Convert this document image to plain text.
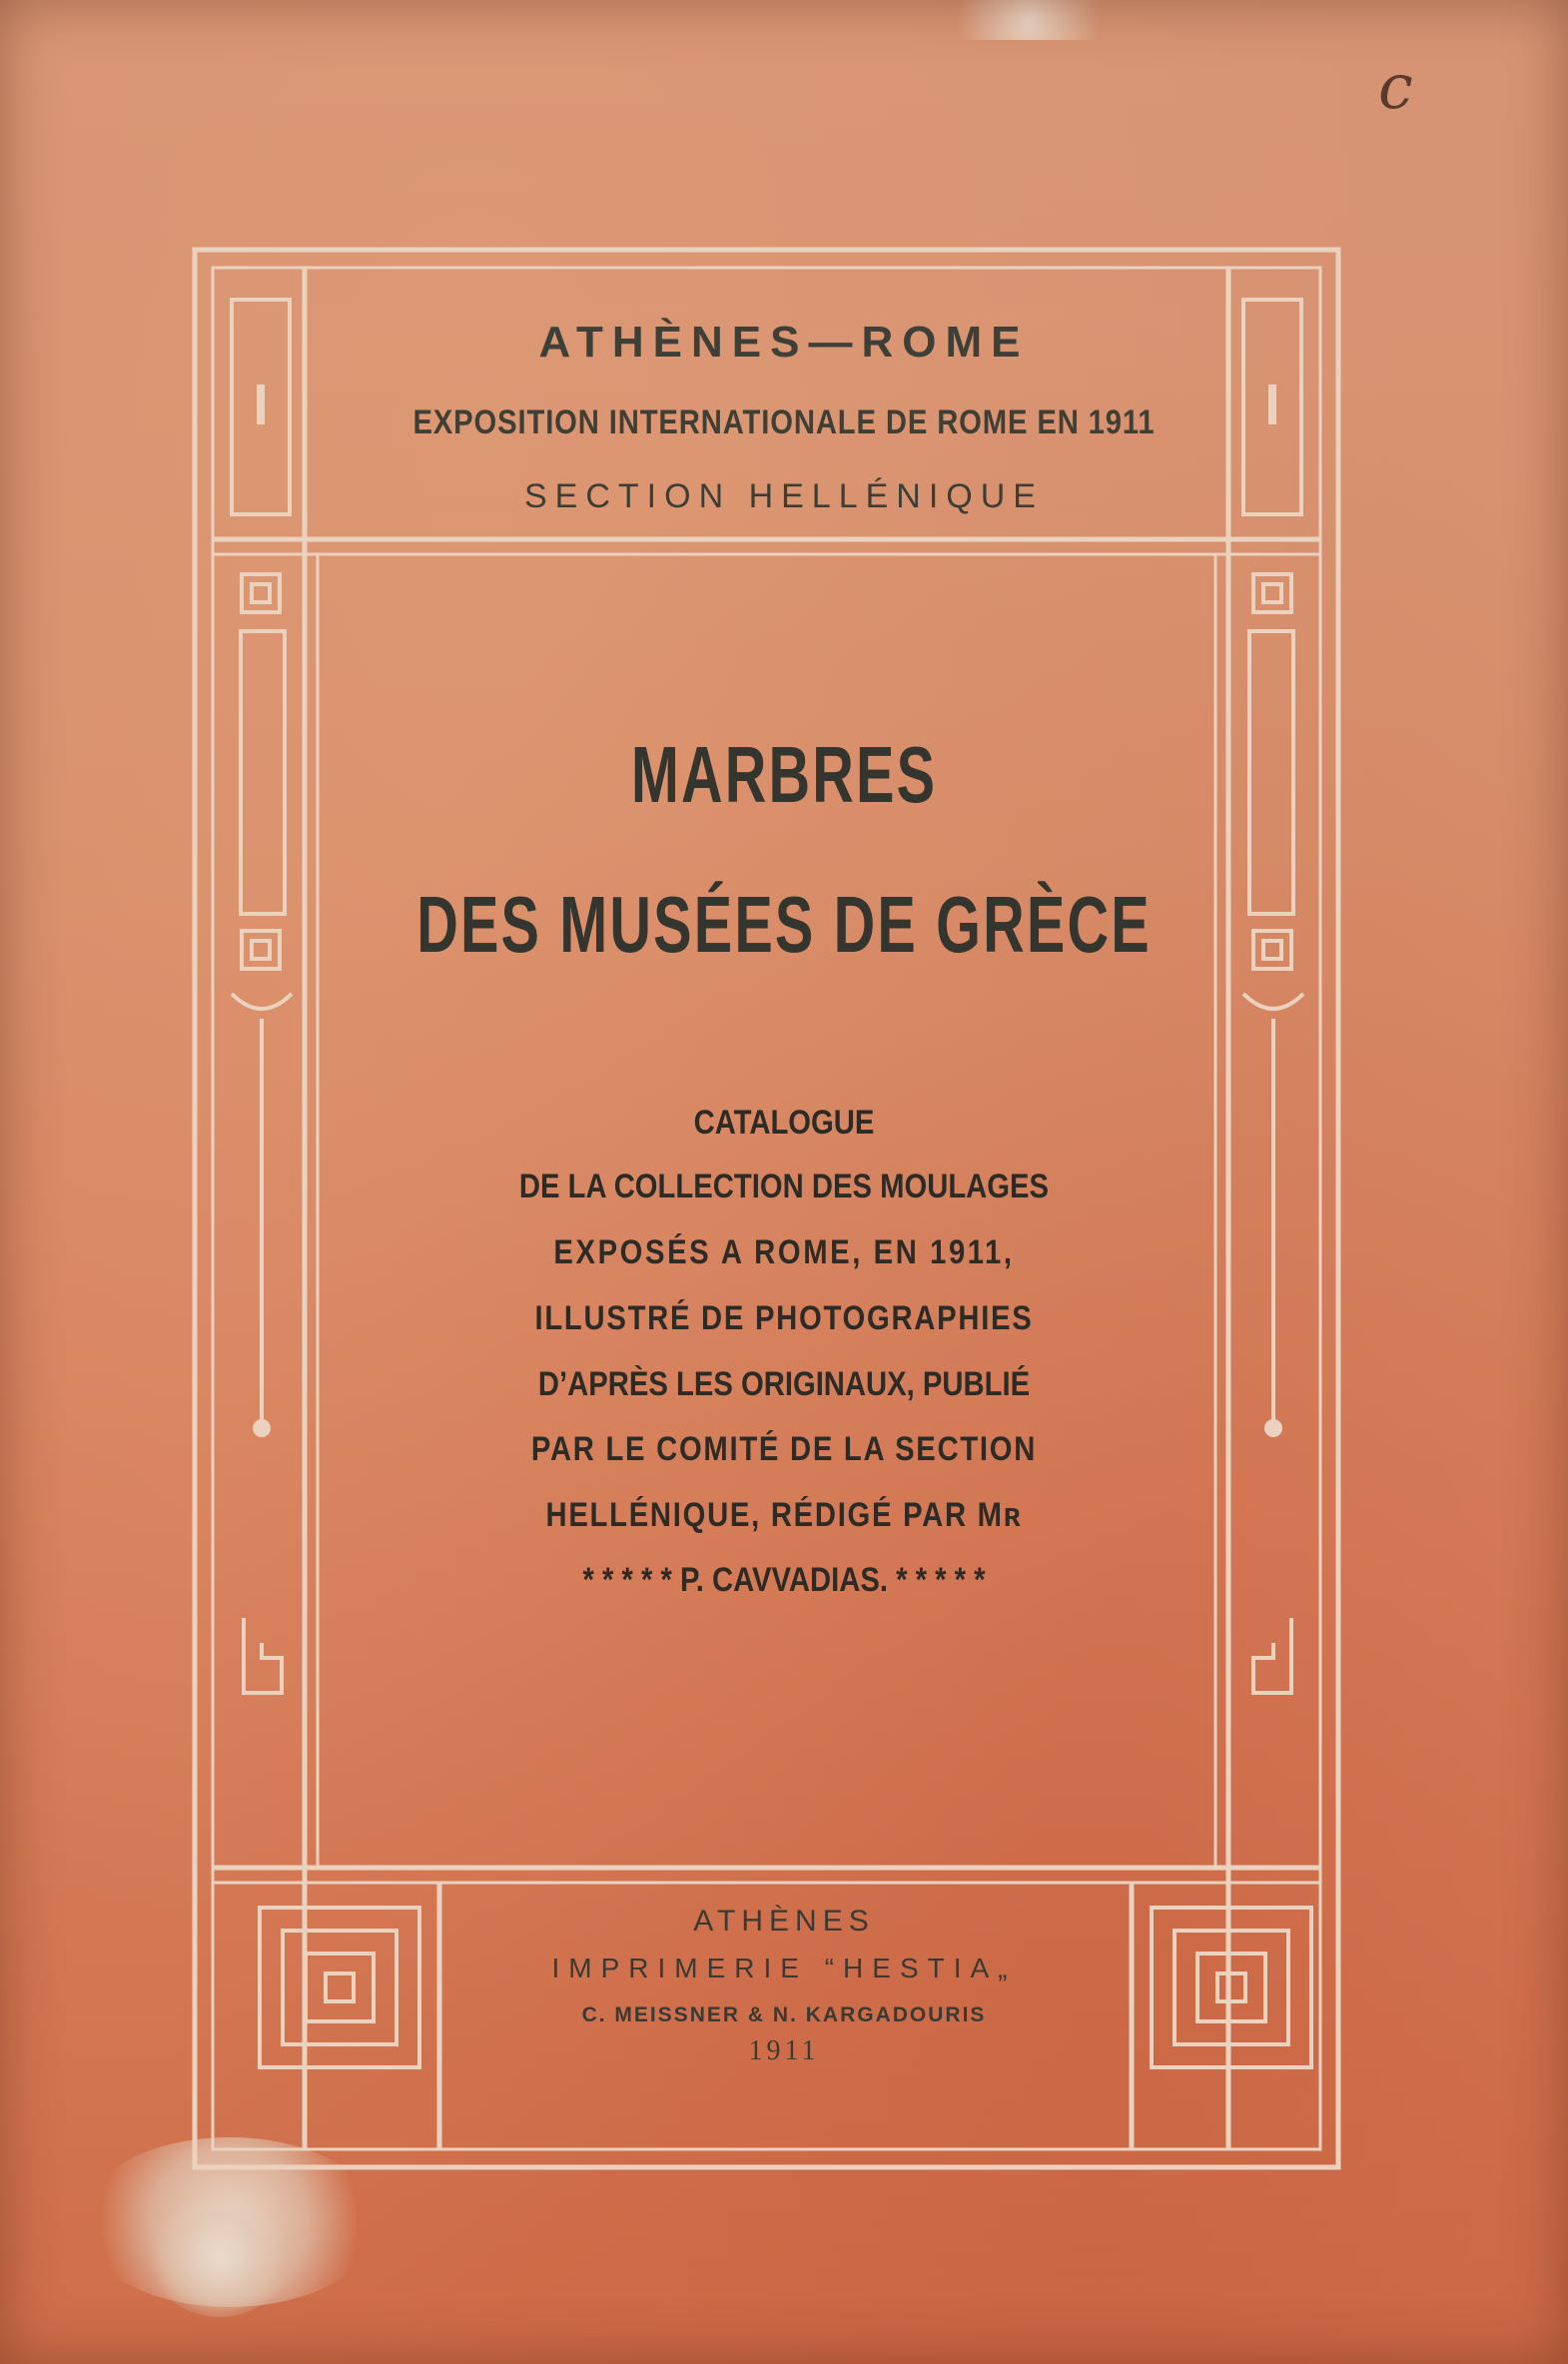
c
ATHÈNES—ROME
EXPOSITION INTERNATIONALE DE ROME EN 1911
SECTION HELLÉNIQUE
MARBRES
DES MUSÉES DE GRÈCE
CATALOGUE
DE LA COLLECTION DES MOULAGES
EXPOSÉS A ROME, EN 1911,
ILLUSTRÉ DE PHOTOGRAPHIES
D’APRÈS LES ORIGINAUX, PUBLIÉ
PAR LE COMITÉ DE LA SECTION
HELLÉNIQUE, RÉDIGÉ PAR Mʀ
* * * * * P. CAVVADIAS. * * * * *
ATHÈNES
IMPRIMERIE “HESTIA„
C. MEISSNER & N. KARGADOURIS
1911
